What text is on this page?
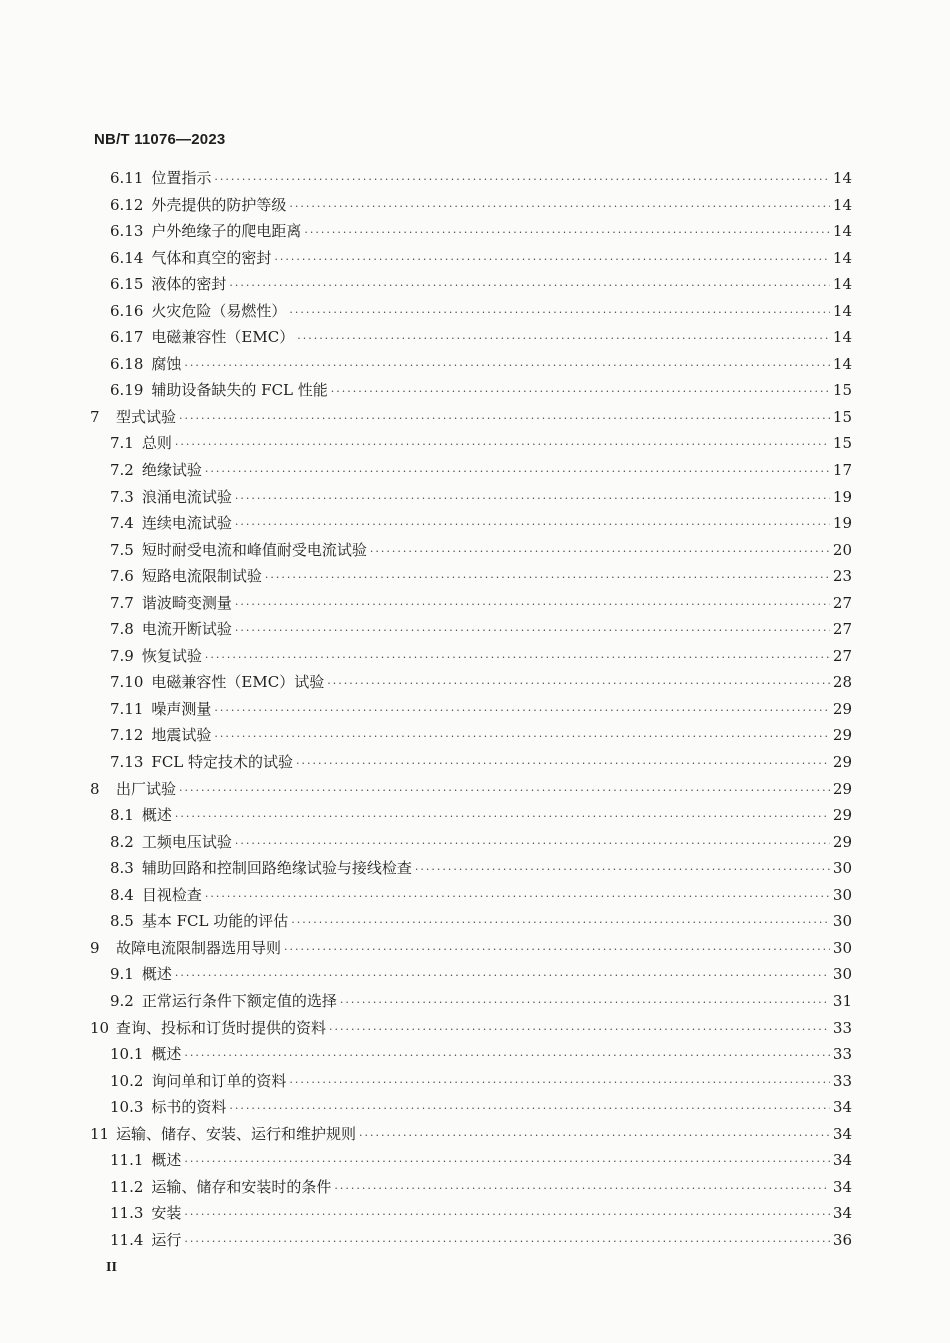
NB/T 11076—2023
6.11 位置指示 ·····	14
6.12 外壳提供的防护等级 ·····	14
6.13 户外绝缘子的爬电距离 ·····	14
6.14 气体和真空的密封 ·····	14
6.15 液体的密封 ·····	14
6.16 火灾危险（易燃性） ·····	14
6.17 电磁兼容性（EMC） ·····	14
6.18 腐蚀 ·····	14
6.19 辅助设备缺失的 FCL 性能 ·····	15
7	型式试验 ·····	15
7.1 总则 ·····	15
7.2 绝缘试验 ·····	17
7.3 浪涌电流试验 ·····	19
7.4 连续电流试验 ·····	19
7.5 短时耐受电流和峰值耐受电流试验 ·····	20
7.6 短路电流限制试验 ·····	23
7.7 谐波畸变测量 ·····	27
7.8 电流开断试验 ·····	27
7.9 恢复试验 ·····	27
7.10 电磁兼容性（EMC）试验 ·····	28
7.11 噪声测量 ·····	29
7.12 地震试验 ·····	29
7.13 FCL 特定技术的试验 ·····	29
8	出厂试验 ·····	29
8.1 概述 ·····	29
8.2 工频电压试验 ·····	29
8.3 辅助回路和控制回路绝缘试验与接线检查 ·····	30
8.4 目视检查 ·····	30
8.5 基本 FCL 功能的评估 ·····	30
9	故障电流限制器选用导则 ·····	30
9.1 概述 ·····	30
9.2 正常运行条件下额定值的选择 ·····	31
10 查询、投标和订货时提供的资料 ·····	33
10.1 概述 ·····	33
10.2 询问单和订单的资料 ·····	33
10.3 标书的资料 ·····	34
11 运输、储存、安装、运行和维护规则 ·····	34
11.1 概述 ·····	34
11.2 运输、储存和安装时的条件 ·····	34
11.3 安装 ·····	34
11.4 运行 ·····	36
II
